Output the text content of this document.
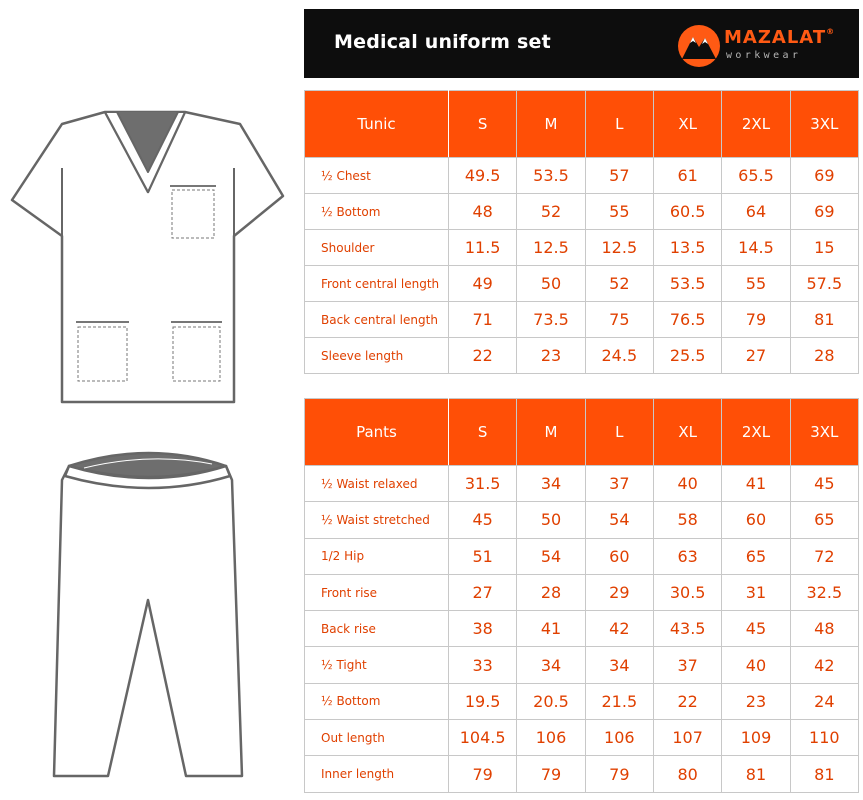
Medical uniform set	MAZALAT®
workwear
Tunic	S	M	L	XL	2XL	3XL
½ Chest	49.5	53.5	57	61	65.5	69
½ Bottom	48	52	55	60.5	64	69
Shoulder	11.5	12.5	12.5	13.5	14.5	15
Front central length	49	50	52	53.5	55	57.5
Back central length	71	73.5	75	76.5	79	81
Sleeve length	22	23	24.5	25.5	27	28
Pants	S	M	L	XL	2XL	3XL
½ Waist relaxed	31.5	34	37	40	41	45
½ Waist stretched	45	50	54	58	60	65
1/2 Hip	51	54	60	63	65	72
Front rise	27	28	29	30.5	31	32.5
Back rise	38	41	42	43.5	45	48
½ Tight	33	34	34	37	40	42
½ Bottom	19.5	20.5	21.5	22	23	24
Out length	104.5	106	106	107	109	110
Inner length	79	79	79	80	81	81
